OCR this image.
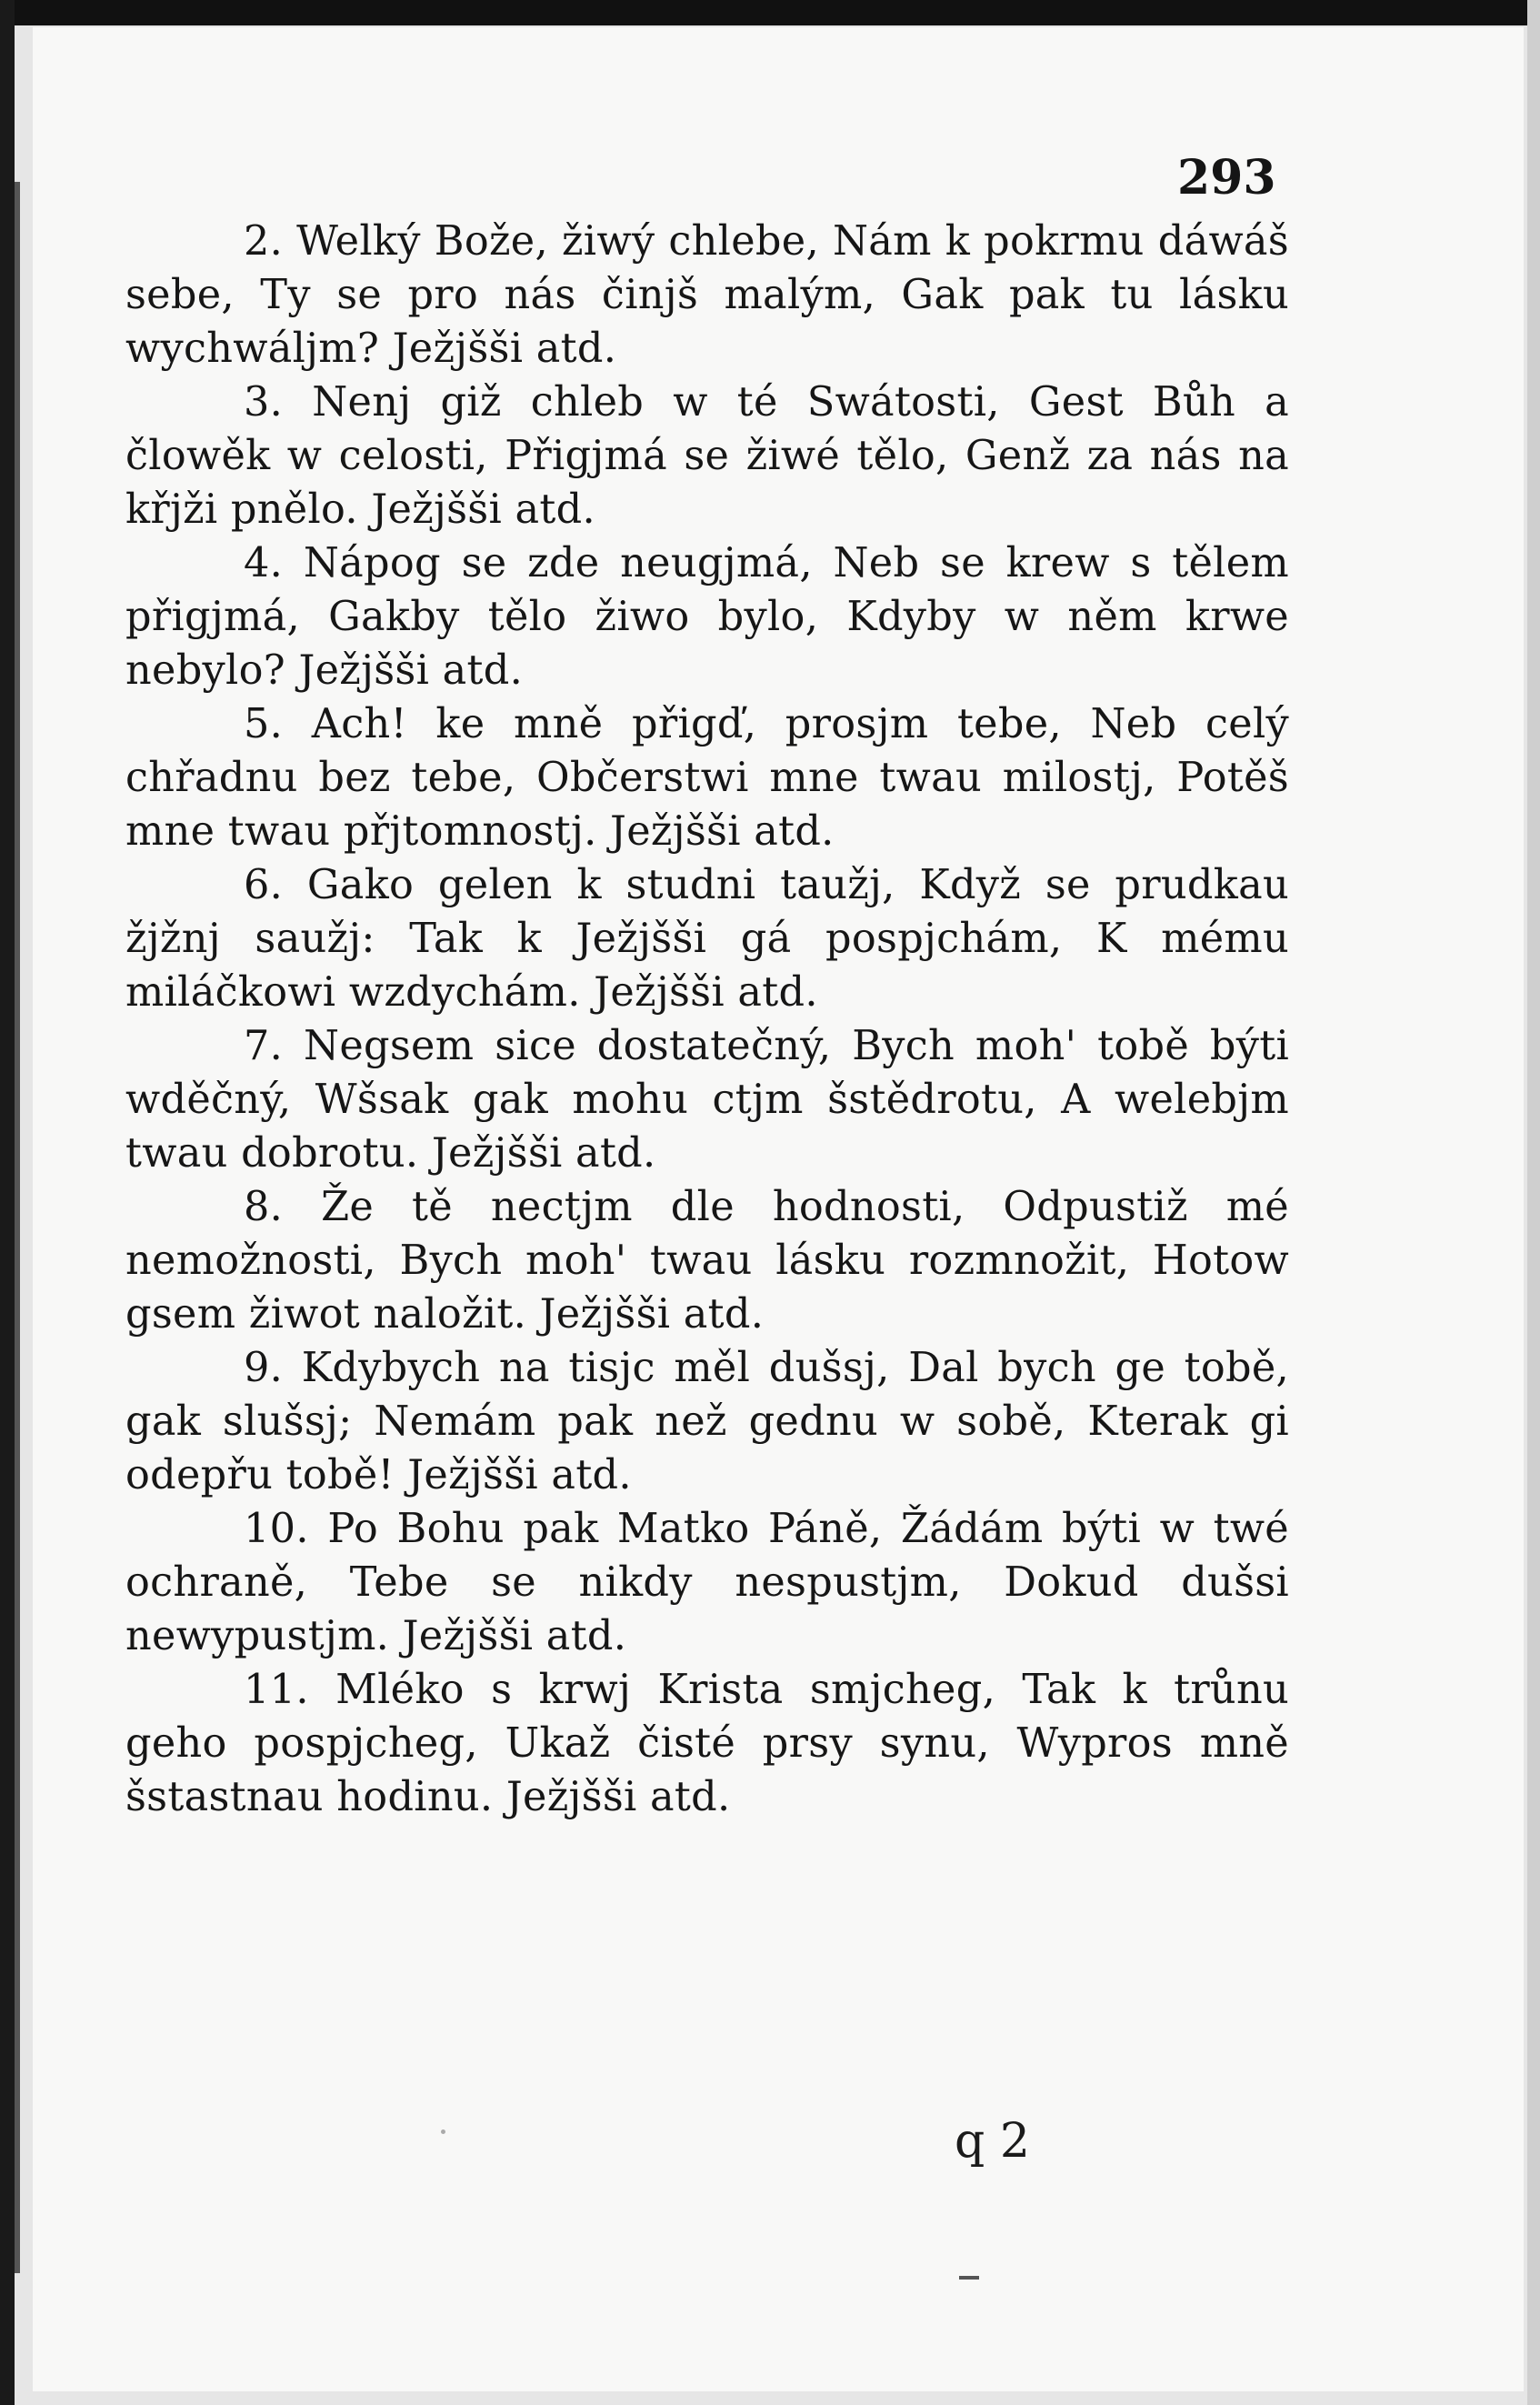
293

2. Welký Bože, žiwý chlebe, Nám k pokrmu dáwáš sebe, Ty se pro nás činjš malým, Gak pak tu lásku wychwáljm? Ježjšši atd.

3. Nenj giž chleb w té Swátosti, Gest Bůh a člowěk w celosti, Přigjmá se žiwé tělo, Genž za nás na křjži pnělo. Ježjšši atd.

4. Nápog se zde neugjmá, Neb se krew s tělem přigjmá, Gakby tělo žiwo bylo, Kdyby w něm krwe nebylo? Ježjšši atd.

5. Ach! ke mně přigď, prosjm tebe, Neb celý chřadnu bez tebe, Občerstwi mne twau milostj, Potěš mne twau přjtomnostj. Ježjšši atd.

6. Gako gelen k studni taužj, Když se prudkau žjžnj saužj: Tak k Ježjšši gá pospjchám, K mému miláčkowi wzdychám. Ježjšši atd.

7. Negsem sice dostatečný, Bych moh' tobě býti wděčný, Wšsak gak mohu ctjm šstědrotu, A welebjm twau dobrotu. Ježjšši atd.

8. Že tě nectjm dle hodnosti, Odpustiž mé nemožnosti, Bych moh' twau lásku rozmnožit, Hotow gsem žiwot naložit. Ježjšši atd.

9. Kdybych na tisjc měl dušsj, Dal bych ge tobě, gak slušsj; Nemám pak než gednu w sobě, Kterak gi odepřu tobě! Ježjšši atd.

10. Po Bohu pak Matko Páně, Žádám býti w twé ochraně, Tebe se nikdy nespustjm, Dokud dušsi newypustjm. Ježjšši atd.

11. Mléko s krwj Krista smjcheg, Tak k trůnu geho pospjcheg, Ukaž čisté prsy synu, Wypros mně šstastnau hodinu. Ježjšši atd.

q 2
